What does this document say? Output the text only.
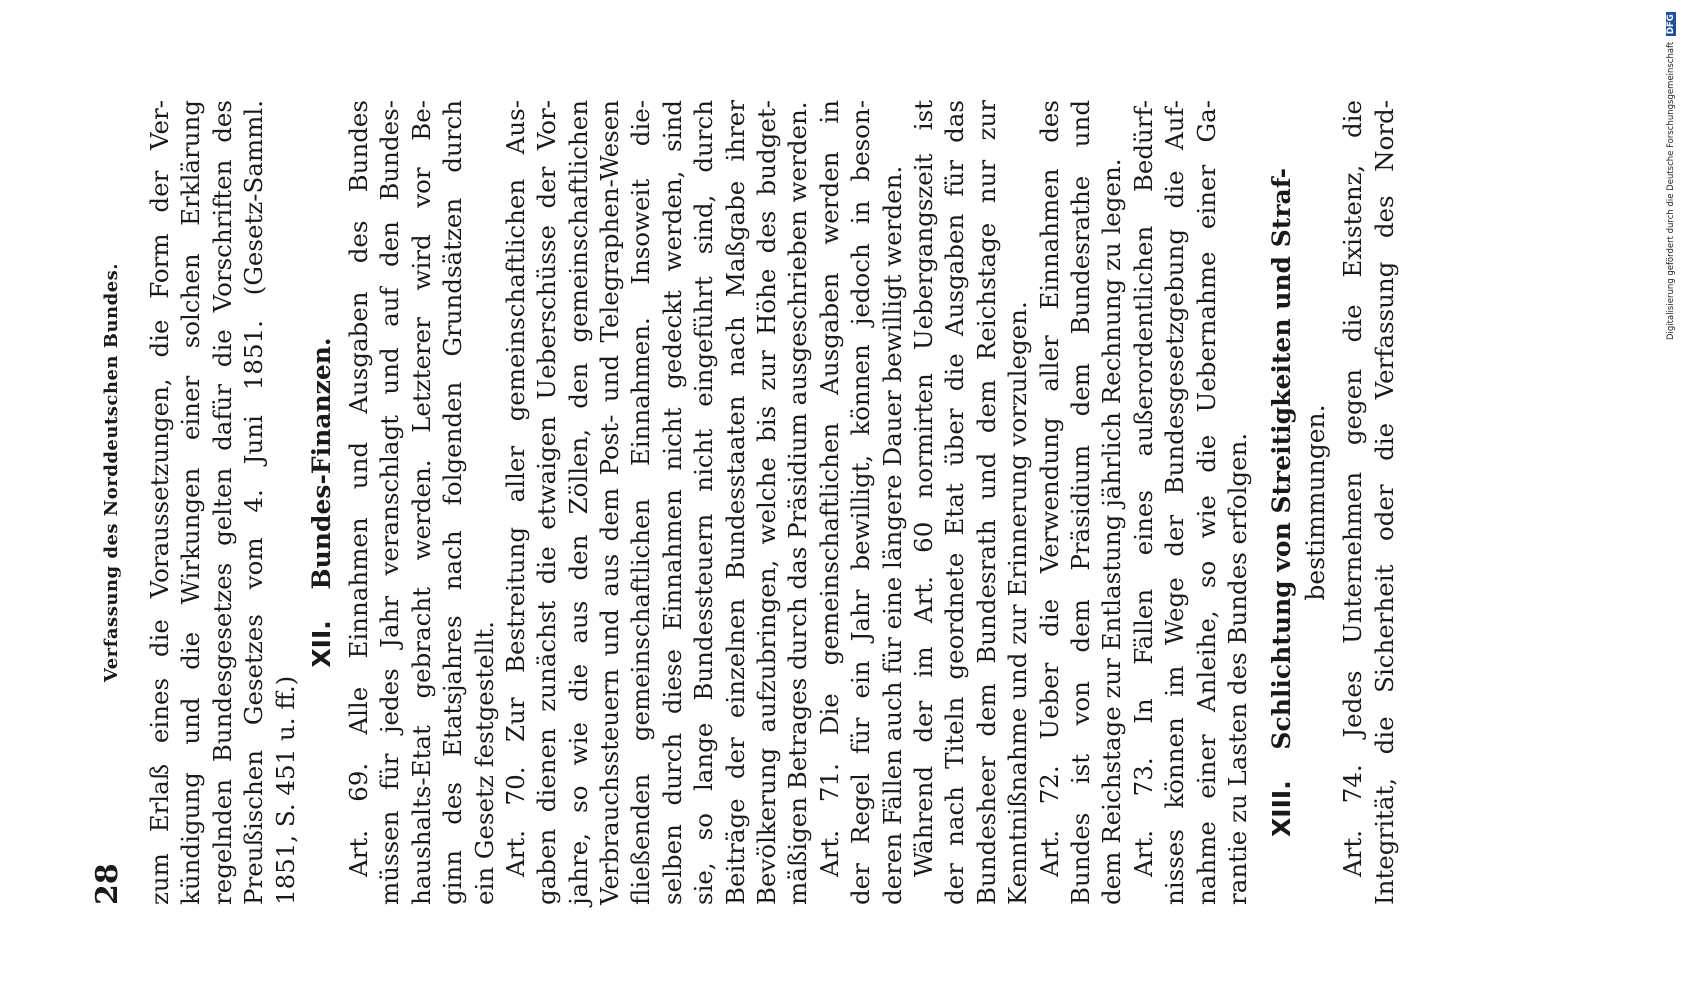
28
Verfassung des Norddeutschen Bundes. zum Erlaß eines die Voraussetzungen, die Form der Ver- kündigung und die Wirkungen einer solchen Erklärung regelnden Bundesgesetzes gelten dafür die Vorschriften des Preußischen Gesetzes vom 4. Juni 1851. (Gesetz-Samml. 1851, S. 451 u. ff.)
XII. Bundes-Finanzen. Art. 69. Alle Einnahmen und Ausgaben des Bundes müssen für jedes Jahr veranschlagt und auf den Bundes- haushalts-Etat gebracht werden. Letzterer wird vor Be- ginn des Etatsjahres nach folgenden Grundsätzen durch ein Gesetz festgestellt. Art. 70. Zur Bestreitung aller gemeinschaftlichen Aus- gaben dienen zunächst die etwaigen Ueberschüsse der Vor- jahre, so wie die aus den Zöllen, den gemeinschaftlichen Verbrauchssteuern und aus dem Post- und Telegraphen-Wesen fließenden gemeinschaftlichen Einnahmen. Insoweit die- selben durch diese Einnahmen nicht gedeckt werden, sind sie, so lange Bundessteuern nicht eingeführt sind, durch Beiträge der einzelnen Bundesstaaten nach Maßgabe ihrer Bevölkerung aufzubringen, welche bis zur Höhe des budget- mäßigen Betrages durch das Präsidium ausgeschrieben werden. Art. 71. Die gemeinschaftlichen Ausgaben werden in der Regel für ein Jahr bewilligt, können jedoch in beson- deren Fällen auch für eine längere Dauer bewilligt werden. Während der im Art. 60 normirten Uebergangszeit ist der nach Titeln geordnete Etat über die Ausgaben für das Bundesheer dem Bundesrath und dem Reichstage nur zur Kenntnißnahme und zur Erinnerung vorzulegen. Art. 72. Ueber die Verwendung aller Einnahmen des Bundes ist von dem Präsidium dem Bundesrathe und dem Reichstage zur Entlastung jährlich Rechnung zu legen. Art. 73. In Fällen eines außerordentlichen Bedürf- nisses können im Wege der Bundesgesetzgebung die Auf- nahme einer Anleihe, so wie die Uebernahme einer Ga- rantie zu Lasten des Bundes erfolgen. XIII. Schlichtung von Streitigkeiten und Straf- bestimmungen. Art. 74. Jedes Unternehmen gegen die Existenz, die Integrität, die Sicherheit oder die Verfassung des Nord-	Digitalisierung gefördert durch die Deutsche Forschungsgemeinschaft DFG
